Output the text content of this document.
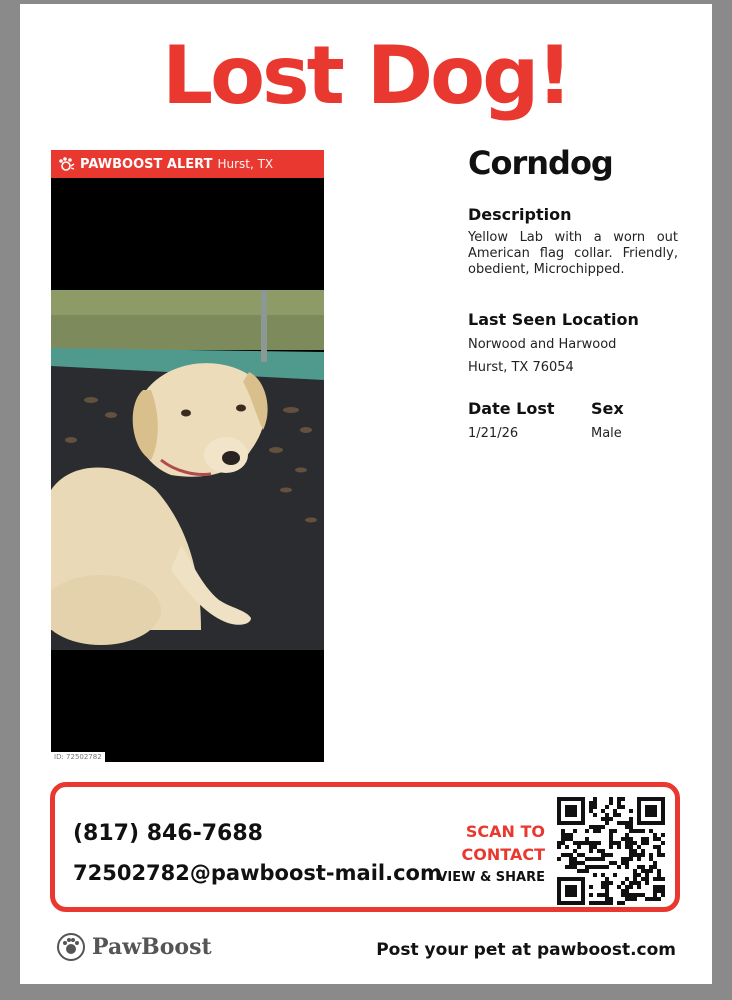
Lost Dog!
PAWBOOST ALERT Hurst, TX
ID: 72502782
Corndog
Description
Yellow Lab with a worn out American flag collar. Friendly, obedient, Microchipped.
Last Seen Location
Norwood and Harwood
Hurst, TX 76054
Date Lost
1/21/26
Sex
Male
(817) 846-7688
72502782@pawboost-mail.com
SCAN TO
CONTACT
VIEW & SHARE
PawBoost	Post your pet at pawboost.com
